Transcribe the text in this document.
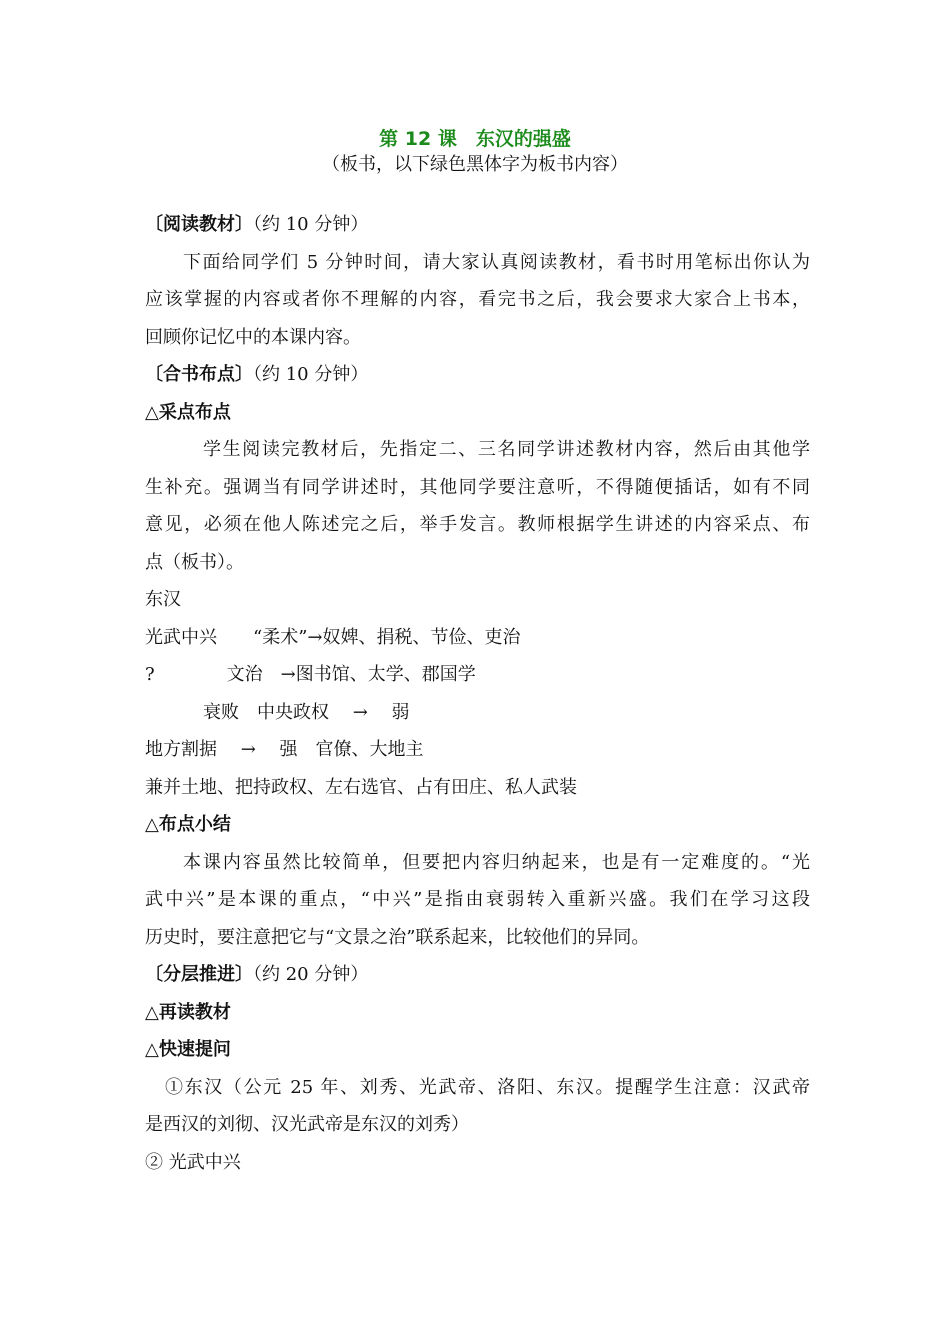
第 12 课　东汉的强盛
（板书，以下绿色黑体字为板书内容）
〔阅读教材〕（约 10 分钟）
下面给同学们 5 分钟时间，请大家认真阅读教材，看书时用笔标出你认为
应该掌握的内容或者你不理解的内容，看完书之后，我会要求大家合上书本，
回顾你记忆中的本课内容。
〔合书布点〕（约 10 分钟）
△采点布点
学生阅读完教材后，先指定二、三名同学讲述教材内容，然后由其他学
生补充。强调当有同学讲述时，其他同学要注意听，不得随便插话，如有不同
意见，必须在他人陈述完之后，举手发言。教师根据学生讲述的内容采点、布
点（板书）。
东汉
光武中兴　　“柔术”→奴婢、捐税、节俭、吏治
?　　　　文治　→图书馆、太学、郡国学
衰败　中央政权　 →　 弱
地方割据　 →　 强　官僚、大地主
兼并土地、把持政权、左右选官、占有田庄、私人武装
△布点小结
本课内容虽然比较简单，但要把内容归纳起来，也是有一定难度的。“光
武中兴”是本课的重点，“中兴”是指由衰弱转入重新兴盛。我们在学习这段
历史时，要注意把它与“文景之治”联系起来，比较他们的异同。
〔分层推进〕（约 20 分钟）
△再读教材
△快速提问
①东汉（公元 25 年、刘秀、光武帝、洛阳、东汉。提醒学生注意：汉武帝
是西汉的刘彻、汉光武帝是东汉的刘秀）
② 光武中兴
